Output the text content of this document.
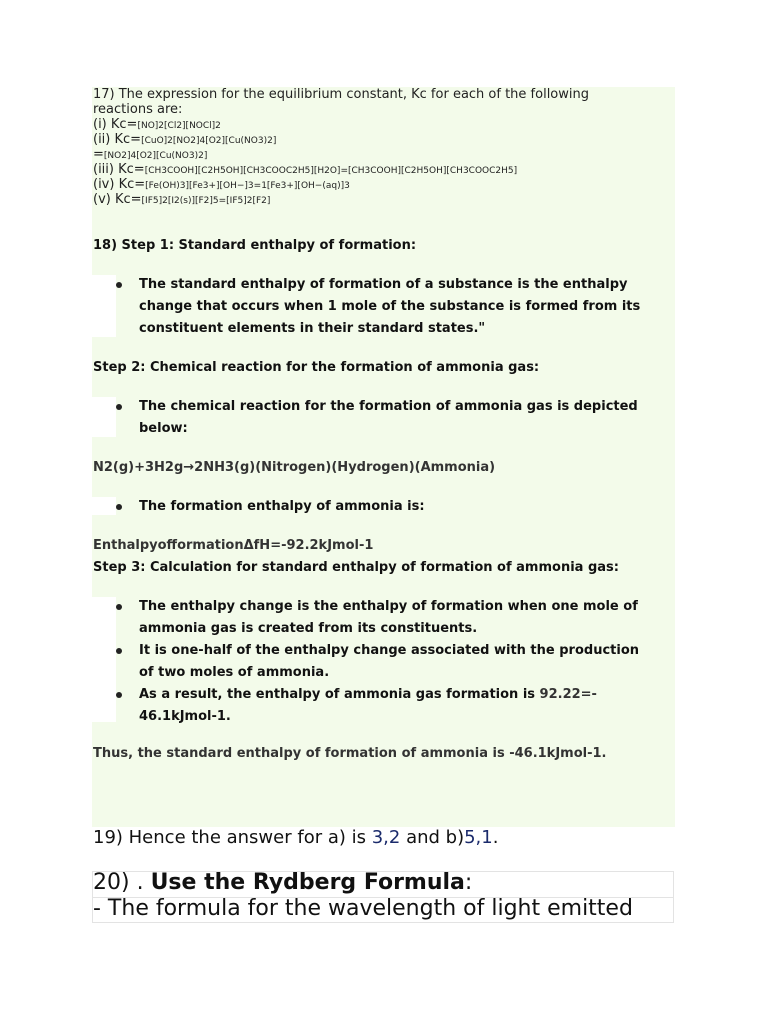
17) The expression for the equilibrium constant, Kc for each of the following
reactions are:
(i) Kc=[NO]2[Cl2][NOCl]2
(ii) Kc=[CuO]2[NO2]4[O2][Cu(NO3)2]
=[NO2]4[O2][Cu(NO3)2]
(iii) Kc=[CH3COOH][C2H5OH][CH3COOC2H5][H2O]=[CH3COOH][C2H5OH][CH3COOC2H5]
(iv) Kc=[Fe(OH)3][Fe3+][OH−]3=1[Fe3+][OH−(aq)]3
(v) Kc=[IF5]2[I2(s)][F2]5=[IF5]2[F2]
18) Step 1: Standard enthalpy of formation:
The standard enthalpy of formation of a substance is the enthalpy
change that occurs when 1 mole of the substance is formed from its
constituent elements in their standard states."
Step 2: Chemical reaction for the formation of ammonia gas:
The chemical reaction for the formation of ammonia gas is depicted
below:
N2(g)+3H2g→2NH3(g)(Nitrogen)(Hydrogen)(Ammonia)
The formation enthalpy of ammonia is:
EnthalpyofformationΔfH=-92.2kJmol-1
Step 3: Calculation for standard enthalpy of formation of ammonia gas:
The enthalpy change is the enthalpy of formation when one mole of
ammonia gas is created from its constituents.
It is one-half of the enthalpy change associated with the production
of two moles of ammonia.
As a result, the enthalpy of ammonia gas formation is 92.22=-
46.1kJmol-1.
Thus, the standard enthalpy of formation of ammonia is -46.1kJmol-1.
19) Hence the answer for a) is 3,2 and b)5,1.
20) . Use the Rydberg Formula:
- The formula for the wavelength of light emitted
